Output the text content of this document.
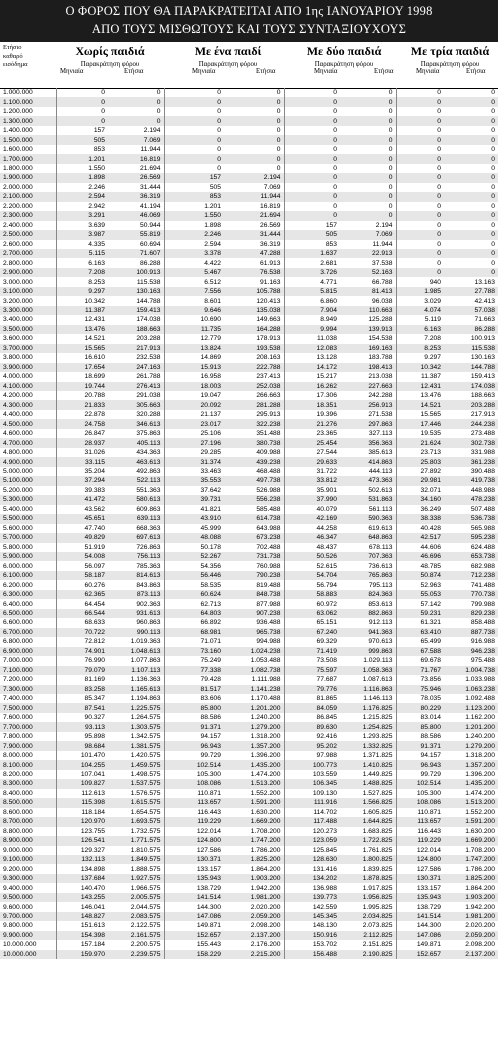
Ο ΦΟΡΟΣ ΠΟΥ ΘΑ ΠΑΡΑΚΡΑΤΕΙΤΑΙ ΑΠΟ 1ης ΙΑΝΟΥΑΡΙΟΥ 1998
ΑΠΟ ΤΟΥΣ ΜΙΣΘΩΤΟΥΣ ΚΑΙ ΤΟΥΣ ΣΥΝΤΑΞΙΟΥΧΟΥΣ
Ετήσιο
καθαρό
εισόδημα
Χωρίς παιδιά
Παρακράτηση φόρου
Μηνιαία	Ετήσια
Με ένα παιδί
Παρακράτηση φόρου
Μηνιαία	Ετήσια
Με δύο παιδιά
Παρακράτηση φόρου
Μηνιαία	Ετήσια
Με τρία παιδιά
Παρακράτηση φόρου
Μηνιαία	Ετήσια
1.000.000	0	0	0	0	0	0	0	0
1.100.000	0	0	0	0	0	0	0	0
1.200.000	0	0	0	0	0	0	0	0
1.300.000	0	0	0	0	0	0	0	0
1.400.000	157	2.194	0	0	0	0	0	0
1.500.000	505	7.069	0	0	0	0	0	0
1.600.000	853	11.944	0	0	0	0	0	0
1.700.000	1.201	16.819	0	0	0	0	0	0
1.800.000	1.550	21.694	0	0	0	0	0	0
1.900.000	1.898	26.569	157	2.194	0	0	0	0
2.000.000	2.246	31.444	505	7.069	0	0	0	0
2.100.000	2.594	36.319	853	11.944	0	0	0	0
2.200.000	2.942	41.194	1.201	16.819	0	0	0	0
2.300.000	3.291	46.069	1.550	21.694	0	0	0	0
2.400.000	3.639	50.944	1.898	26.569	157	2.194	0	0
2.500.000	3.987	55.819	2.246	31.444	505	7.069	0	0
2.600.000	4.335	60.694	2.594	36.319	853	11.944	0	0
2.700.000	5.115	71.607	3.378	47.288	1.637	22.913	0	0
2.800.000	6.163	86.288	4.422	61.913	2.681	37.538	0	0
2.900.000	7.208	100.913	5.467	76.538	3.726	52.163	0	0
3.000.000	8.253	115.538	6.512	91.163	4.771	66.788	940	13.163
3.100.000	9.297	130.163	7.556	105.788	5.815	81.413	1.985	27.788
3.200.000	10.342	144.788	8.601	120.413	6.860	96.038	3.029	42.413
3.300.000	11.387	159.413	9.646	135.038	7.904	110.663	4.074	57.038
3.400.000	12.431	174.038	10.690	149.663	8.949	125.288	5.119	71.663
3.500.000	13.476	188.663	11.735	164.288	9.994	139.913	6.163	86.288
3.600.000	14.521	203.288	12.779	178.913	11.038	154.538	7.208	100.913
3.700.000	15.565	217.913	13.824	193.538	12.083	169.163	8.253	115.538
3.800.000	16.610	232.538	14.869	208.163	13.128	183.788	9.297	130.163
3.900.000	17.654	247.163	15.913	222.788	14.172	198.413	10.342	144.788
4.000.000	18.699	261.788	16.958	237.413	15.217	213.038	11.387	159.413
4.100.000	19.744	276.413	18.003	252.038	16.262	227.663	12.431	174.038
4.200.000	20.788	291.038	19.047	266.663	17.306	242.288	13.476	188.663
4.300.000	21.833	305.663	20.092	281.288	18.351	256.913	14.521	203.288
4.400.000	22.878	320.288	21.137	295.913	19.396	271.538	15.565	217.913
4.500.000	24.758	346.613	23.017	322.238	21.276	297.863	17.446	244.238
4.600.000	26.847	375.863	25.106	351.488	23.365	327.113	19.535	273.488
4.700.000	28.937	405.113	27.196	380.738	25.454	356.363	21.624	302.738
4.800.000	31.026	434.363	29.285	409.988	27.544	385.613	23.713	331.988
4.900.000	33.115	463.613	31.374	439.238	29.633	414.863	25.803	361.238
5.000.000	35.204	492.863	33.463	468.488	31.722	444.113	27.892	390.488
5.100.000	37.294	522.113	35.553	497.738	33.812	473.363	29.981	419.738
5.200.000	39.383	551.363	37.642	526.988	35.901	502.613	32.071	448.988
5.300.000	41.472	580.613	39.731	556.238	37.990	531.863	34.160	478.238
5.400.000	43.562	609.863	41.821	585.488	40.079	561.113	36.249	507.488
5.500.000	45.651	639.113	43.910	614.738	42.169	590.363	38.338	536.738
5.600.000	47.740	668.363	45.999	643.988	44.258	619.613	40.428	565.988
5.700.000	49.829	697.613	48.088	673.238	46.347	648.863	42.517	595.238
5.800.000	51.919	726.863	50.178	702.488	48.437	678.113	44.606	624.488
5.900.000	54.008	756.113	52.267	731.738	50.526	707.363	46.696	653.738
6.000.000	56.097	785.363	54.356	760.988	52.615	736.613	48.785	682.988
6.100.000	58.187	814.613	56.446	790.238	54.704	765.863	50.874	712.238
6.200.000	60.276	843.863	58.535	819.488	56.794	795.113	52.963	741.488
6.300.000	62.365	873.113	60.624	848.738	58.883	824.363	55.053	770.738
6.400.000	64.454	902.363	62.713	877.988	60.972	853.613	57.142	799.988
6.500.000	66.544	931.613	64.803	907.238	63.062	882.863	59.231	829.238
6.600.000	68.633	960.863	66.892	936.488	65.151	912.113	61.321	858.488
6.700.000	70.722	990.113	68.981	965.738	67.240	941.363	63.410	887.738
6.800.000	72.812	1.019.363	71.071	994.988	69.329	970.613	65.499	916.988
6.900.000	74.901	1.048.613	73.160	1.024.238	71.419	999.863	67.588	946.238
7.000.000	76.990	1.077.863	75.249	1.053.488	73.508	1.029.113	69.678	975.488
7.100.000	79.079	1.107.113	77.338	1.082.738	75.597	1.058.363	71.767	1.004.738
7.200.000	81.169	1.136.363	79.428	1.111.988	77.687	1.087.613	73.856	1.033.988
7.300.000	83.258	1.165.613	81.517	1.141.238	79.776	1.116.863	75.946	1.063.238
7.400.000	85.347	1.194.863	83.606	1.170.488	81.865	1.146.113	78.035	1.092.488
7.500.000	87.541	1.225.575	85.800	1.201.200	84.059	1.176.825	80.229	1.123.200
7.600.000	90.327	1.264.575	88.586	1.240.200	86.845	1.215.825	83.014	1.162.200
7.700.000	93.113	1.303.575	91.371	1.279.200	89.630	1.254.825	85.800	1.201.200
7.800.000	95.898	1.342.575	94.157	1.318.200	92.416	1.293.825	88.586	1.240.200
7.900.000	98.684	1.381.575	96.943	1.357.200	95.202	1.332.825	91.371	1.279.200
8.000.000	101.470	1.420.575	99.729	1.396.200	97.988	1.371.825	94.157	1.318.200
8.100.000	104.255	1.459.575	102.514	1.435.200	100.773	1.410.825	96.943	1.357.200
8.200.000	107.041	1.498.575	105.300	1.474.200	103.559	1.449.825	99.729	1.396.200
8.300.000	109.827	1.537.575	108.086	1.513.200	106.345	1.488.825	102.514	1.435.200
8.400.000	112.613	1.576.575	110.871	1.552.200	109.130	1.527.825	105.300	1.474.200
8.500.000	115.398	1.615.575	113.657	1.591.200	111.916	1.566.825	108.086	1.513.200
8.600.000	118.184	1.654.575	116.443	1.630.200	114.702	1.605.825	110.871	1.552.200
8.700.000	120.970	1.693.575	119.229	1.669.200	117.488	1.644.825	113.657	1.591.200
8.800.000	123.755	1.732.575	122.014	1.708.200	120.273	1.683.825	116.443	1.630.200
8.900.000	126.541	1.771.575	124.800	1.747.200	123.059	1.722.825	119.229	1.669.200
9.000.000	129.327	1.810.575	127.586	1.786.200	125.845	1.761.825	122.014	1.708.200
9.100.000	132.113	1.849.575	130.371	1.825.200	128.630	1.800.825	124.800	1.747.200
9.200.000	134.898	1.888.575	133.157	1.864.200	131.416	1.839.825	127.586	1.786.200
9.300.000	137.684	1.927.575	135.943	1.903.200	134.202	1.878.825	130.371	1.825.200
9.400.000	140.470	1.966.575	138.729	1.942.200	136.988	1.917.825	133.157	1.864.200
9.500.000	143.255	2.005.575	141.514	1.981.200	139.773	1.956.825	135.943	1.903.200
9.600.000	146.041	2.044.575	144.300	2.020.200	142.559	1.995.825	138.729	1.942.200
9.700.000	148.827	2.083.575	147.086	2.059.200	145.345	2.034.825	141.514	1.981.200
9.800.000	151.613	2.122.575	149.871	2.098.200	148.130	2.073.825	144.300	2.020.200
9.900.000	154.398	2.161.575	152.657	2.137.200	150.916	2.112.825	147.086	2.059.200
10.000.000	157.184	2.200.575	155.443	2.176.200	153.702	2.151.825	149.871	2.098.200
10.000.000	159.970	2.239.575	158.229	2.215.200	156.488	2.190.825	152.657	2.137.200
